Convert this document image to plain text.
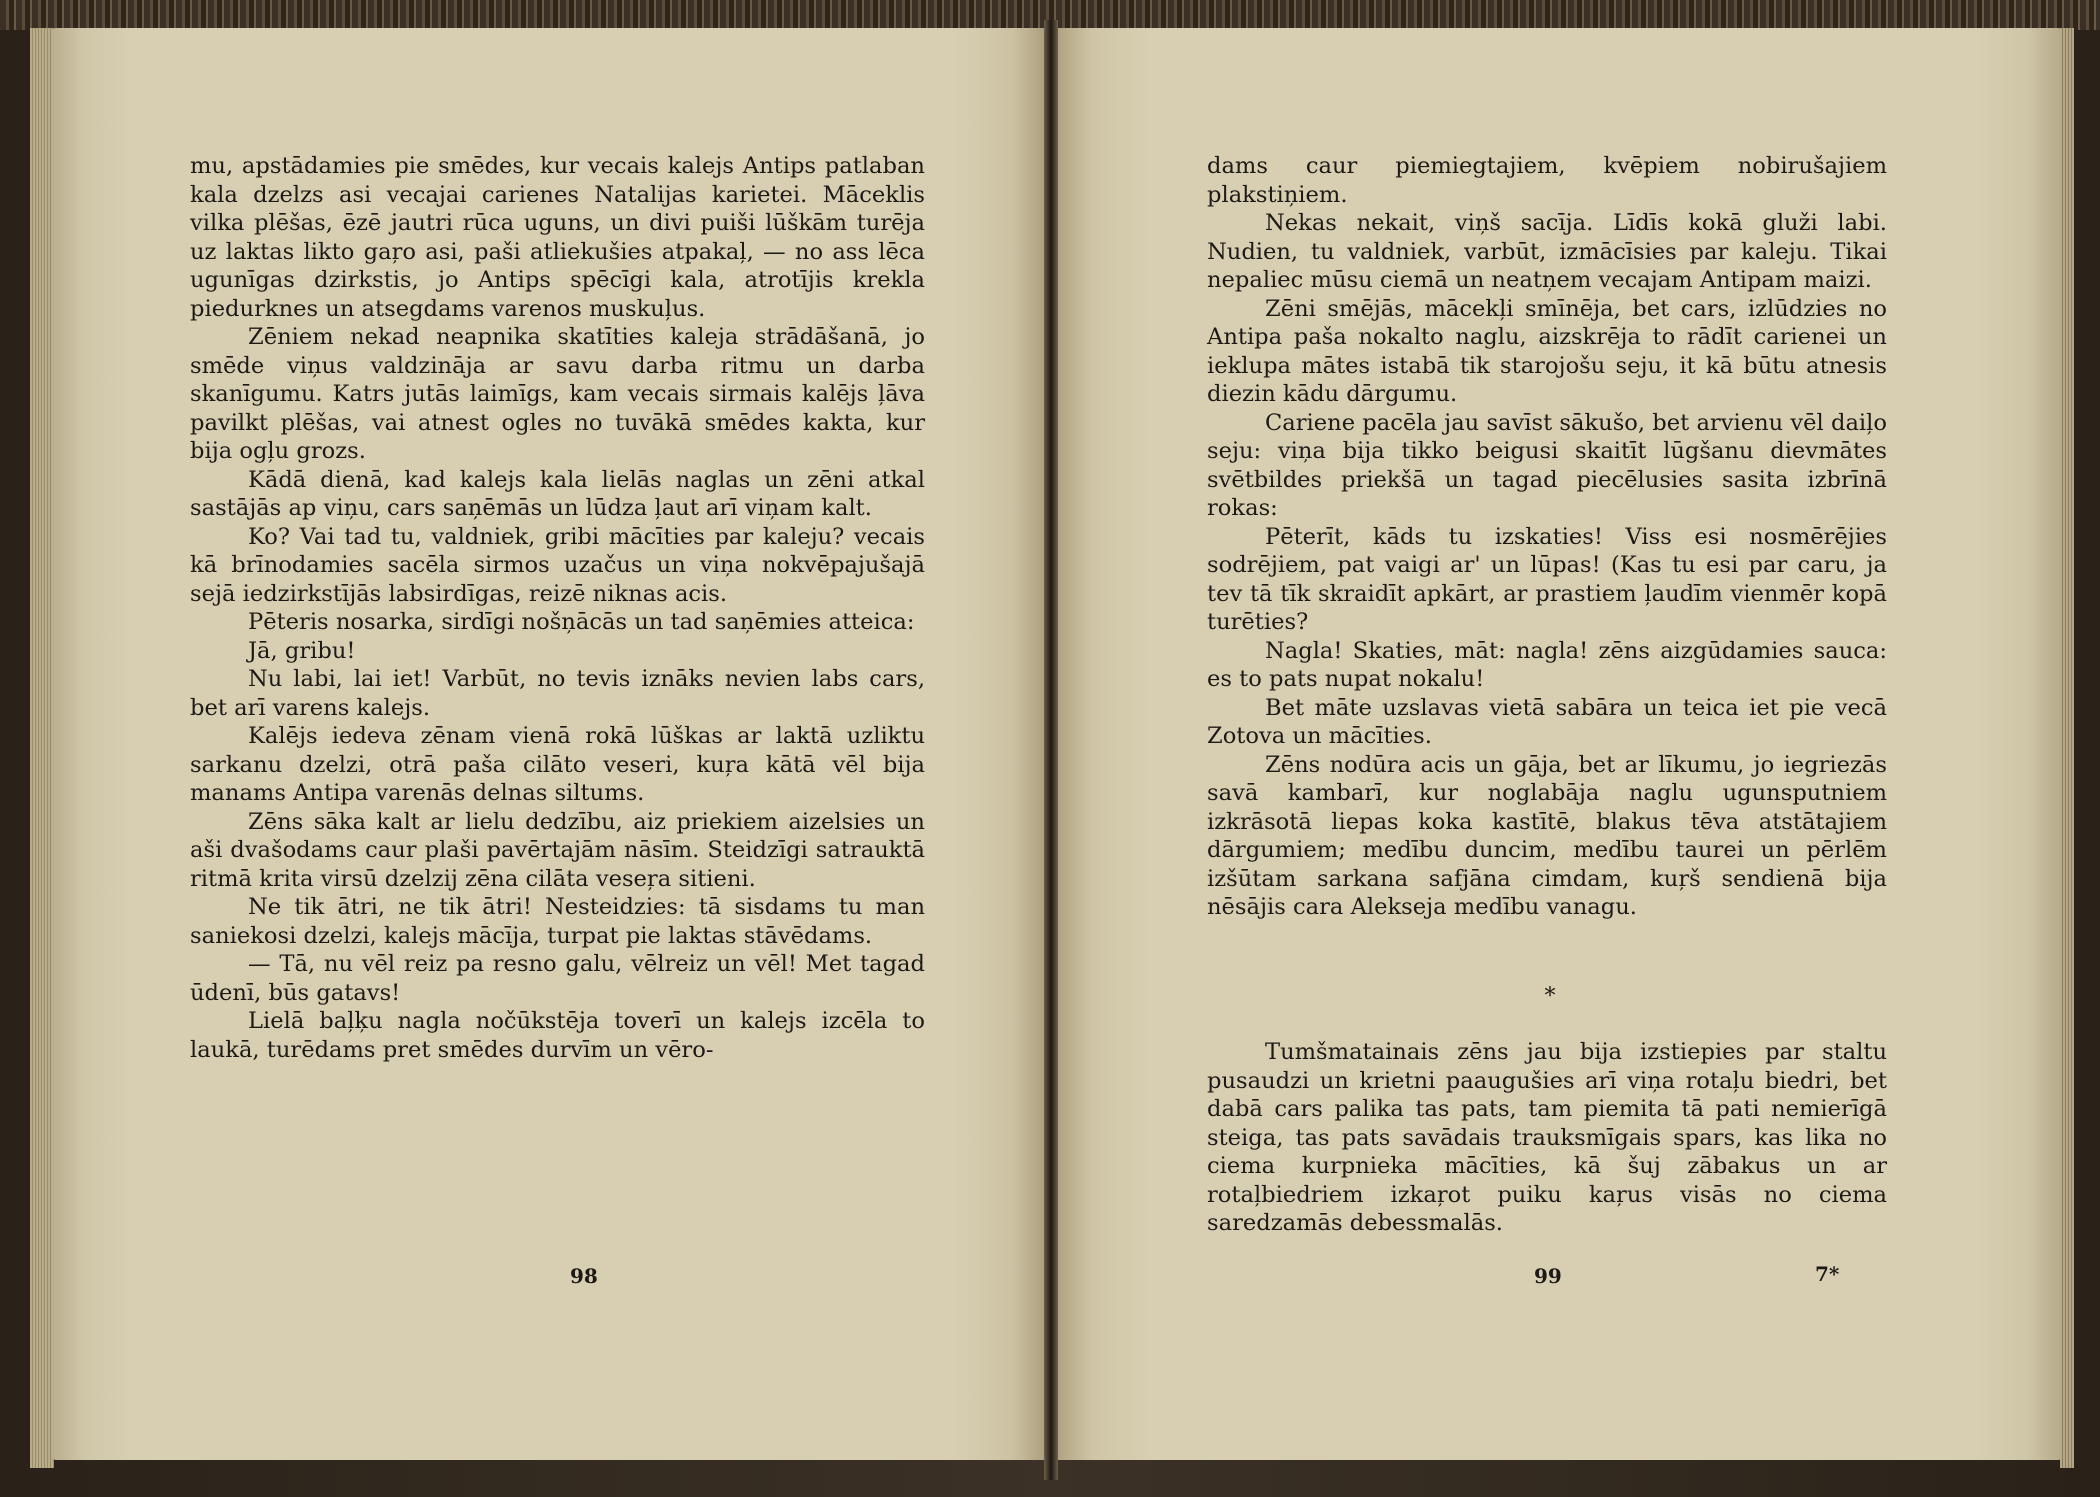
mu, apstādamies pie smēdes, kur vecais kalejs Antips patlaban kala dzelzs asi vecajai carienes Natalijas karietei. Māceklis vilka plēšas, ēzē jautri rūca uguns, un divi puiši lūškām turēja uz laktas likto gaŗo asi, paši atliekušies atpakaļ, — no ass lēca ugunīgas dzirkstis, jo Antips spēcīgi kala, atrotījis krekla piedurknes un atsegdams varenos muskuļus.

Zēniem nekad neapnika skatīties kaleja strādāšanā, jo smēde viņus valdzināja ar savu darba ritmu un darba skanīgumu. Katrs jutās laimīgs, kam vecais sirmais kalējs ļāva pavilkt plēšas, vai atnest ogles no tuvākā smēdes kakta, kur bija ogļu grozs.

Kādā dienā, kad kalejs kala lielās naglas un zēni atkal sastājās ap viņu, cars saņēmās un lūdza ļaut arī viņam kalt.

Ko? Vai tad tu, valdniek, gribi mācīties par kaleju? vecais kā brīnodamies sacēla sirmos uzačus un viņa nokvēpajušajā sejā iedzirkstījās labsirdīgas, reizē niknas acis.

Pēteris nosarka, sirdīgi nošņācās un tad saņēmies atteica:

Jā, gribu!

Nu labi, lai iet! Varbūt, no tevis iznāks nevien labs cars, bet arī varens kalejs.

Kalējs iedeva zēnam vienā rokā lūškas ar laktā uzliktu sarkanu dzelzi, otrā paša cilāto veseri, kuŗa kātā vēl bija manams Antipa varenās delnas siltums.

Zēns sāka kalt ar lielu dedzību, aiz priekiem aizelsies un aši dvašodams caur plaši pavērtajām nāsīm. Steidzīgi satrauktā ritmā krita virsū dzelzij zēna cilāta veseŗa sitieni.

Ne tik ātri, ne tik ātri! Nesteidzies: tā sisdams tu man saniekosi dzelzi, kalejs mācīja, turpat pie laktas stāvēdams.

— Tā, nu vēl reiz pa resno galu, vēlreiz un vēl! Met tagad ūdenī, būs gatavs!

Lielā baļķu nagla nočūkstēja toverī un kalejs izcēla to laukā, turēdams pret smēdes durvīm un vēro-

98

dams caur piemiegtajiem, kvēpiem nobirušajiem plakstiņiem.

Nekas nekait, viņš sacīja. Līdīs kokā gluži labi. Nudien, tu valdniek, varbūt, izmācīsies par kaleju. Tikai nepaliec mūsu ciemā un neatņem vecajam Antipam maizi.

Zēni smējās, mācekļi smīnēja, bet cars, izlūdzies no Antipa paša nokalto naglu, aizskrēja to rādīt carienei un ieklupa mātes istabā tik starojošu seju, it kā būtu atnesis diezin kādu dārgumu.

Cariene pacēla jau savīst sākušo, bet arvienu vēl daiļo seju: viņa bija tikko beigusi skaitīt lūgšanu dievmātes svētbildes priekšā un tagad piecēlusies sasita izbrīnā rokas:

Pēterīt, kāds tu izskaties! Viss esi nosmērējies sodrējiem, pat vaigi ar' un lūpas! (Kas tu esi par caru, ja tev tā tīk skraidīt apkārt, ar prastiem ļaudīm vienmēr kopā turēties?

Nagla! Skaties, māt: nagla! zēns aizgūdamies sauca: es to pats nupat nokalu!

Bet māte uzslavas vietā sabāra un teica iet pie vecā Zotova un mācīties.

Zēns nodūra acis un gāja, bet ar līkumu, jo iegriezās savā kambarī, kur noglabāja naglu ugunsputniem izkrāsotā liepas koka kastītē, blakus tēva atstātajiem dārgumiem; medību duncim, medību taurei un pērlēm izšūtam sarkana safjāna cimdam, kuŗš sendienā bija nēsājis cara Alekseja medību vanagu.

*

Tumšmatainais zēns jau bija izstiepies par staltu pusaudzi un krietni paaugušies arī viņa rotaļu biedri, bet dabā cars palika tas pats, tam piemita tā pati nemierīgā steiga, tas pats savādais trauksmīgais spars, kas lika no ciema kurpnieka mācīties, kā šuj zābakus un ar rotaļbiedriem izkaŗot puiku kaŗus visās no ciema saredzamās debessmalās.

99	7*
